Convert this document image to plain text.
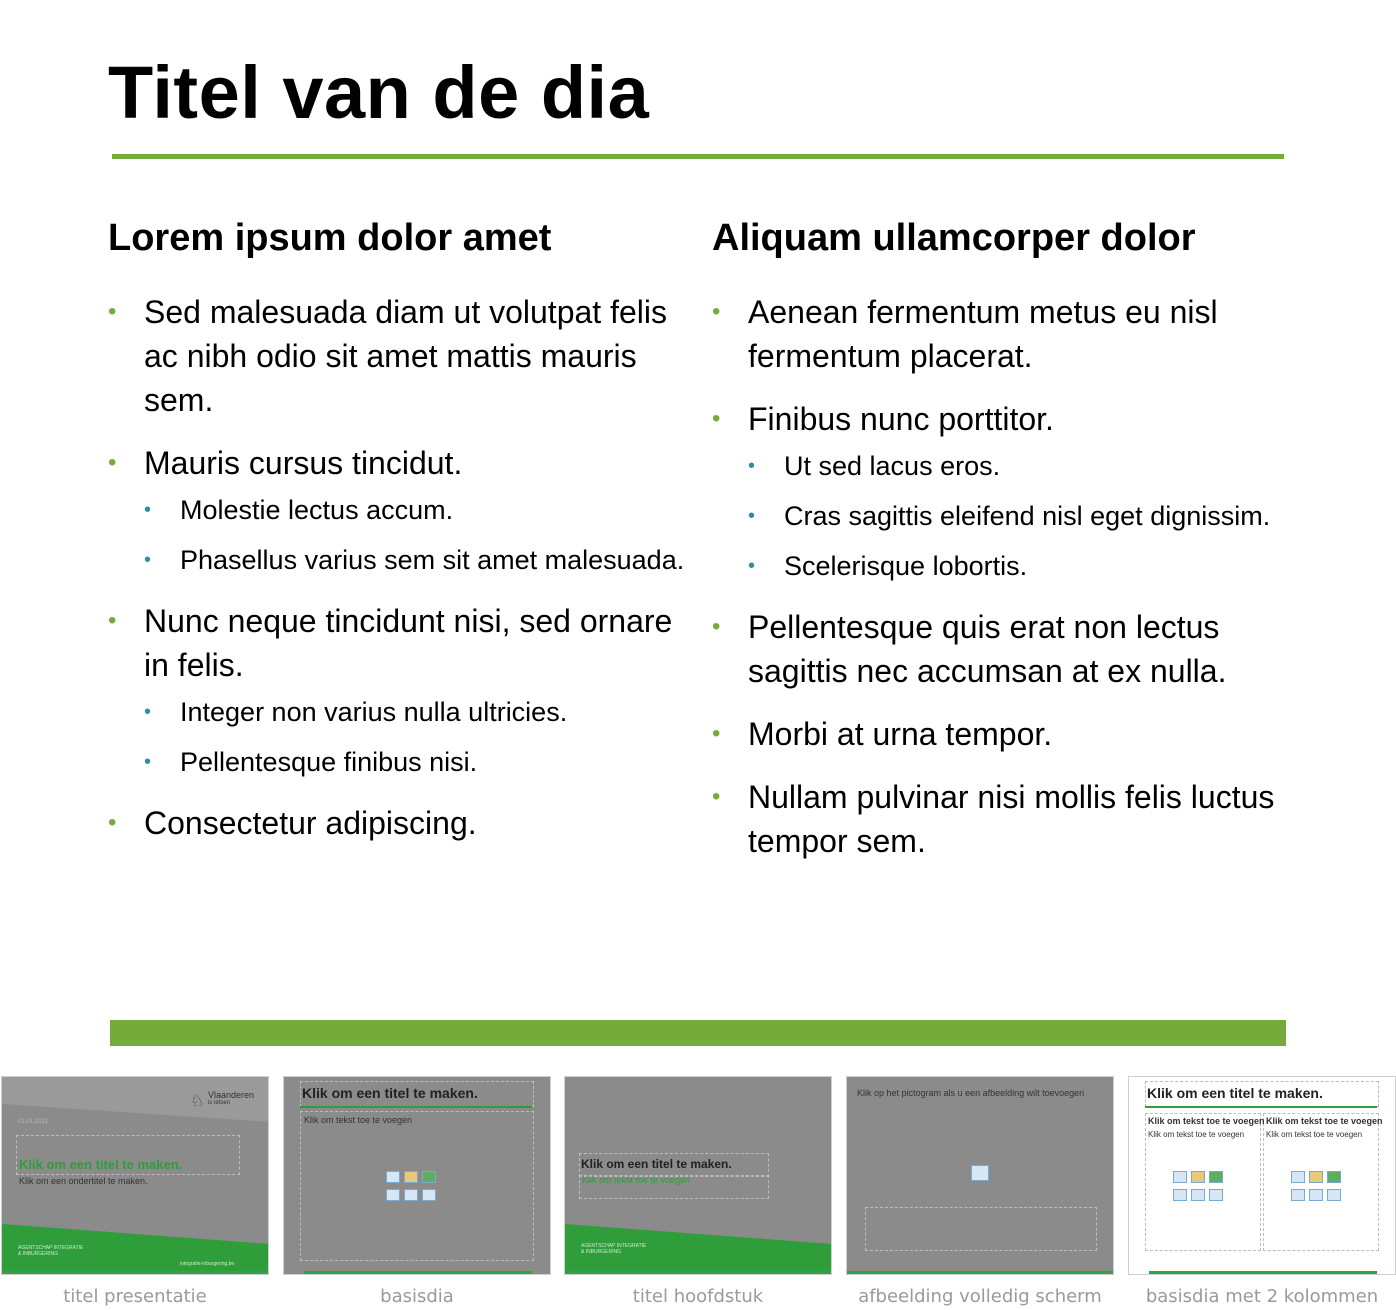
Titel van de dia
Lorem ipsum dolor amet
• Sed malesuada diam ut volutpat felis ac nibh odio sit amet mattis mauris sem.
• Mauris cursus tincidut.
• Molestie lectus accum.
• Phasellus varius sem sit amet malesuada.
• Nunc neque tincidunt nisi, sed ornare in felis.
• Integer non varius nulla ultricies.
• Pellentesque finibus nisi.
• Consectetur adipiscing.
Aliquam ullamcorper dolor
• Aenean fermentum metus eu nisl fermentum placerat.
• Finibus nunc porttitor.
• Ut sed lacus eros.
• Cras sagittis eleifend nisl eget dignissim.
• Scelerisque lobortis.
• Pellentesque quis erat non lectus sagittis nec accumsan at ex nulla.
• Morbi at urna tempor.
• Nullam pulvinar nisi mollis felis luctus tempor sem.
♘ Vlaanderen
is ietsen
01.01.2021
Klik om een titel te maken.
Klik om een ondertitel te maken.
AGENTSCHAP INTEGRATIE & INBURGERING
integratie-inburgering.be
titel presentatie
Klik om een titel te maken.
Klik om tekst toe te voegen
basisdia
Klik om een titel te maken.
Klik om tekst toe te voegen
AGENTSCHAP INTEGRATIE & INBURGERING
titel hoofdstuk
Klik op het pictogram als u een afbeelding wilt toevoegen
afbeelding volledig scherm
Klik om een titel te maken.
Klik om tekst toe te voegen
Klik om tekst toe te voegen
Klik om tekst toe te voegen
Klik om tekst toe te voegen
basisdia met 2 kolommen
